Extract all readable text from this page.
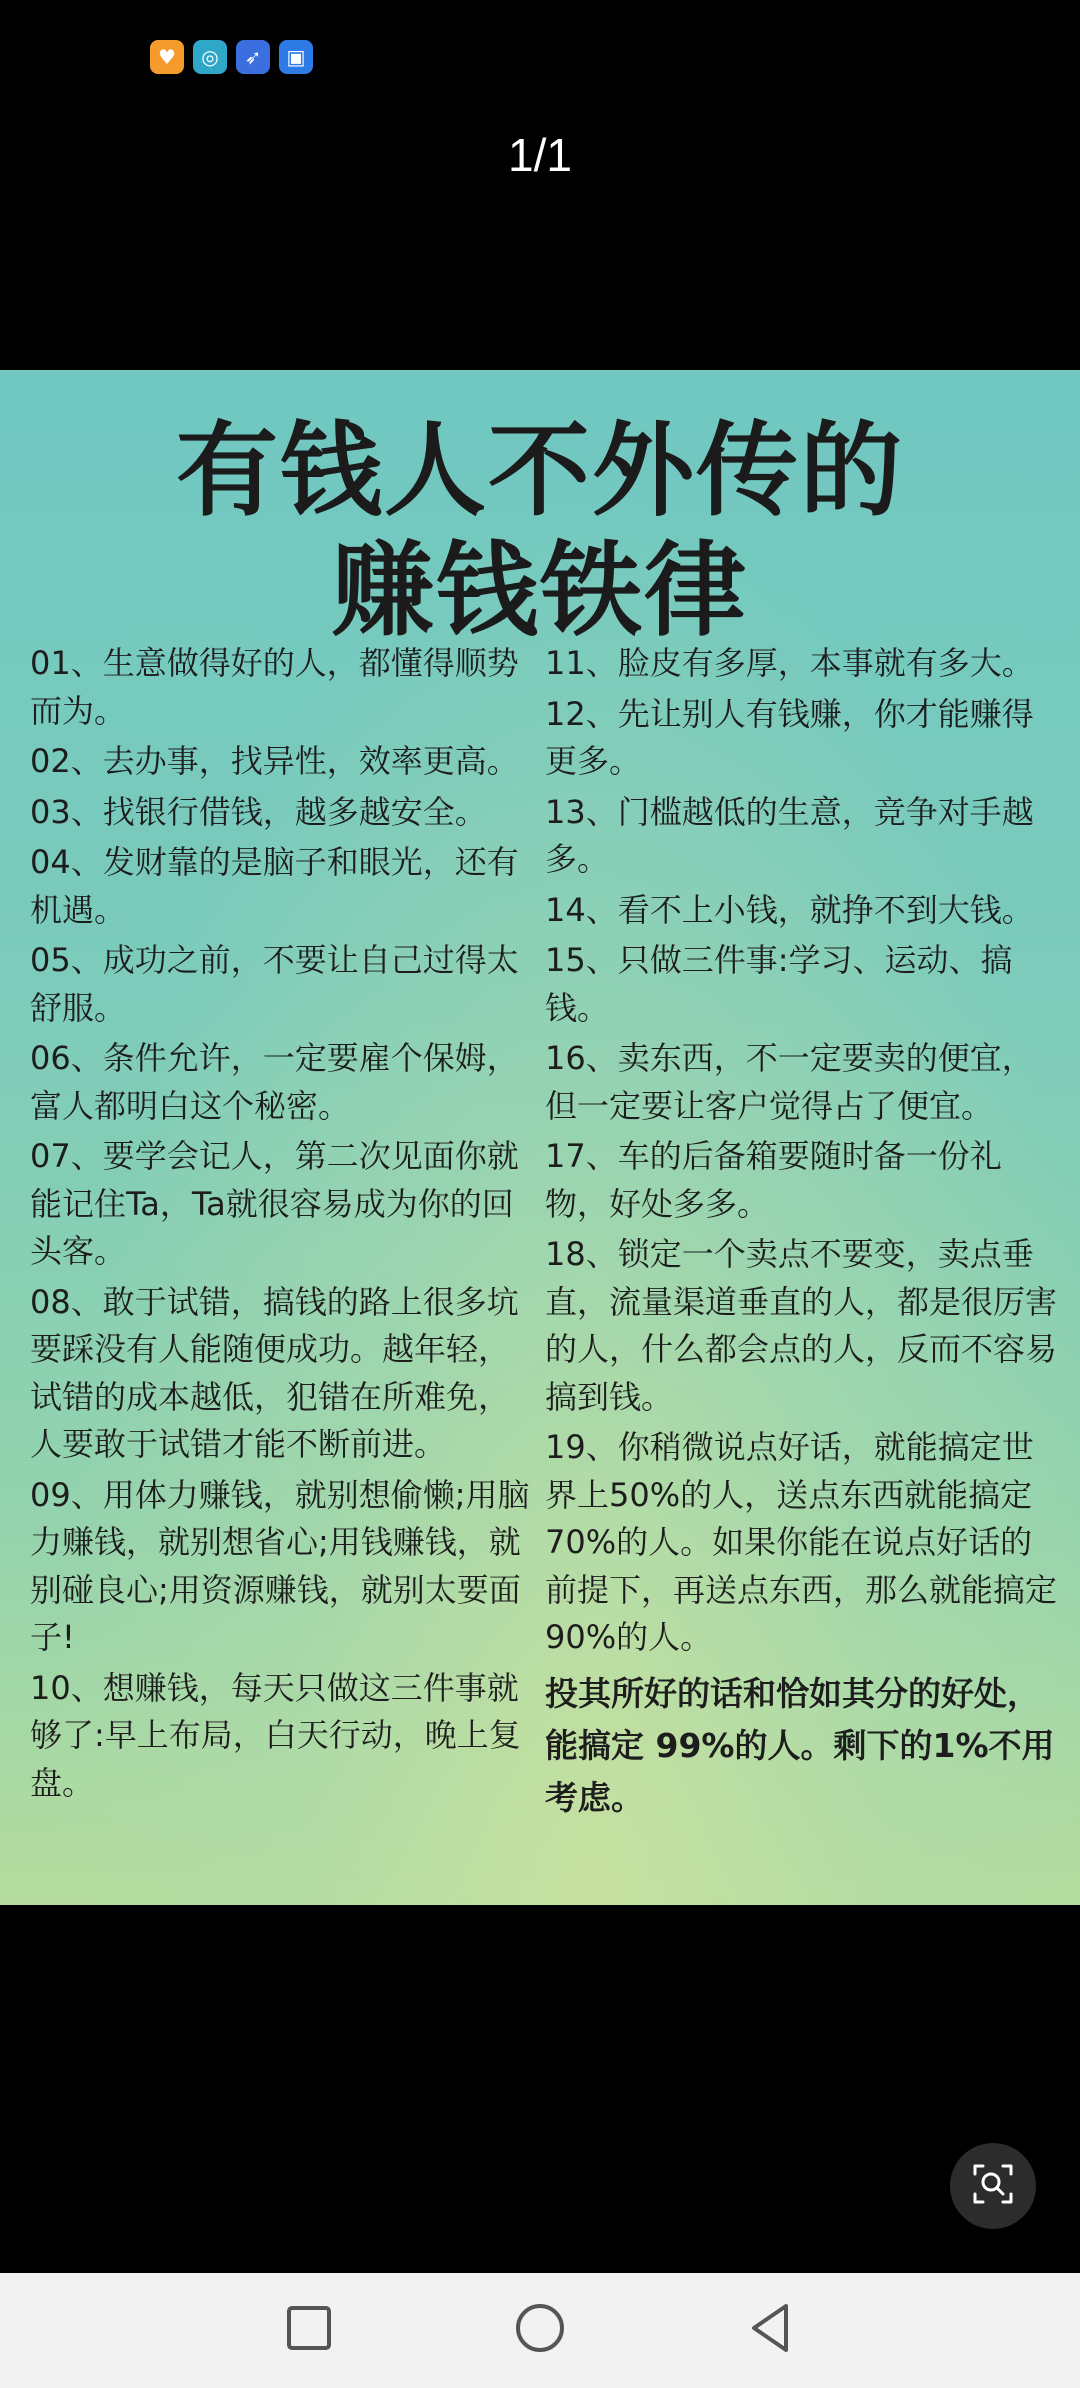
♥	◎	➶	▣
1/1
有钱人不外传的
赚钱铁律
01、生意做得好的人，都懂得顺势而为。
02、去办事，找异性，效率更高。
03、找银行借钱，越多越安全。
04、发财靠的是脑子和眼光，还有机遇。
05、成功之前，不要让自己过得太舒服。
06、条件允许，一定要雇个保姆，富人都明白这个秘密。
07、要学会记人，第二次见面你就能记住Ta，Ta就很容易成为你的回头客。
08、敢于试错，搞钱的路上很多坑要踩没有人能随便成功。越年轻，试错的成本越低，犯错在所难免，人要敢于试错才能不断前进。
09、用体力赚钱，就别想偷懒;用脑力赚钱，就别想省心;用钱赚钱，就别碰良心;用资源赚钱，就别太要面子!
10、想赚钱，每天只做这三件事就够了:早上布局，白天行动，晚上复盘。
11、脸皮有多厚，本事就有多大。
12、先让别人有钱赚，你才能赚得更多。
13、门槛越低的生意，竞争对手越多。
14、看不上小钱，就挣不到大钱。
15、只做三件事:学习、运动、搞钱。
16、卖东西，不一定要卖的便宜，但一定要让客户觉得占了便宜。
17、车的后备箱要随时备一份礼物，好处多多。
18、锁定一个卖点不要变，卖点垂直，流量渠道垂直的人，都是很厉害的人，什么都会点的人，反而不容易搞到钱。
19、你稍微说点好话，就能搞定世界上50%的人，送点东西就能搞定70%的人。如果你能在说点好话的前提下，再送点东西，那么就能搞定90%的人。
投其所好的话和恰如其分的好处，能搞定 99%的人。剩下的1%不用考虑。
